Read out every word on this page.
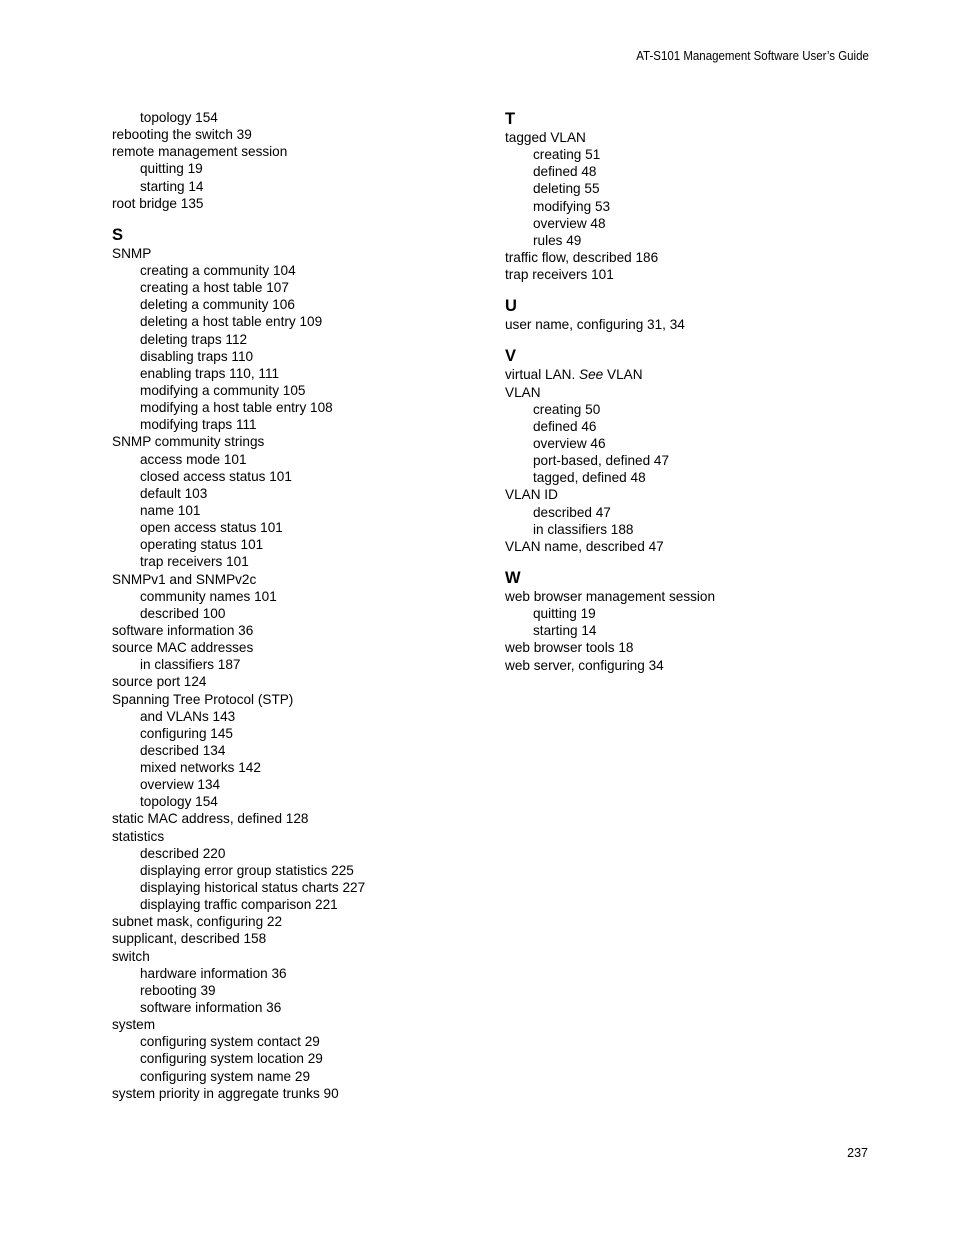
AT-S101 Management Software User’s Guide
topology 154
rebooting the switch 39
remote management session
quitting 19
starting 14
root bridge 135
S
SNMP
creating a community 104
creating a host table 107
deleting a community 106
deleting a host table entry 109
deleting traps 112
disabling traps 110
enabling traps 110, 111
modifying a community 105
modifying a host table entry 108
modifying traps 111
SNMP community strings
access mode 101
closed access status 101
default 103
name 101
open access status 101
operating status 101
trap receivers 101
SNMPv1 and SNMPv2c
community names 101
described 100
software information 36
source MAC addresses
in classifiers 187
source port 124
Spanning Tree Protocol (STP)
and VLANs 143
configuring 145
described 134
mixed networks 142
overview 134
topology 154
static MAC address, defined 128
statistics
described 220
displaying error group statistics 225
displaying historical status charts 227
displaying traffic comparison 221
subnet mask, configuring 22
supplicant, described 158
switch
hardware information 36
rebooting 39
software information 36
system
configuring system contact 29
configuring system location 29
configuring system name 29
system priority in aggregate trunks 90
T
tagged VLAN
creating 51
defined 48
deleting 55
modifying 53
overview 48
rules 49
traffic flow, described 186
trap receivers 101
U
user name, configuring 31, 34
V
virtual LAN. See VLAN
VLAN
creating 50
defined 46
overview 46
port-based, defined 47
tagged, defined 48
VLAN ID
described 47
in classifiers 188
VLAN name, described 47
W
web browser management session
quitting 19
starting 14
web browser tools 18
web server, configuring 34
237
